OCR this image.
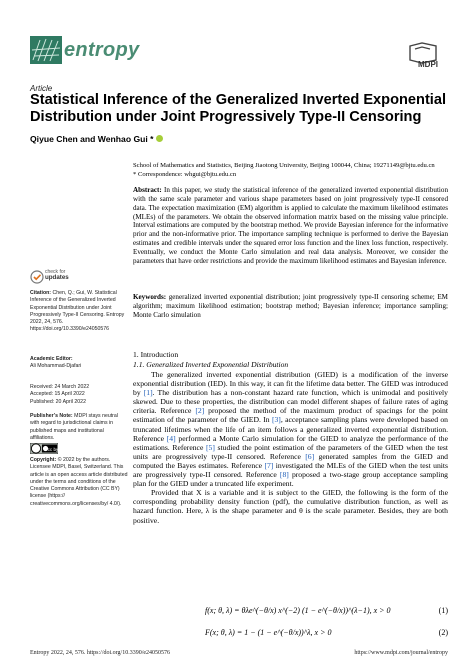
entropy
MDPI
Article
Statistical Inference of the Generalized Inverted Exponential Distribution under Joint Progressively Type-II Censoring
Qiyue Chen and Wenhao Gui *
School of Mathematics and Statistics, Beijing Jiaotong University, Beijing 100044, China; 19271149@bjtu.edu.cn
* Correspondence: whgui@bjtu.edu.cn
Abstract: In this paper, we study the statistical inference of the generalized inverted exponential distribution with the same scale parameter and various shape parameters based on joint progressively type-II censored data. The expectation maximization (EM) algorithm is applied to calculate the maximum likelihood estimates (MLEs) of the parameters. We obtain the observed information matrix based on the missing value principle. Interval estimations are computed by the bootstrap method. We provide Bayesian inference for the informative prior and the non-informative prior. The importance sampling technique is performed to derive the Bayesian estimates and credible intervals under the squared error loss function and the linex loss function, respectively. Eventually, we conduct the Monte Carlo simulation and real data analysis. Moreover, we consider the parameters that have order restrictions and provide the maximum likelihood estimates and Bayesian inference.
Keywords: generalized inverted exponential distribution; joint progressively type-II censoring scheme; EM algorithm; maximum likelihood estimation; bootstrap method; Bayesian inference; importance sampling; Monte Carlo simulation
check for
updates
Citation: Chen, Q.; Gui, W. Statistical Inference of the Generalized Inverted Exponential Distribution under Joint Progressively Type-II Censoring. Entropy 2022, 24, 576. https://doi.org/10.3390/e24050576
Academic Editor:
Ali Mohammad-Djafari
Received: 24 March 2022
Accepted: 15 April 2022
Published: 20 April 2022
Publisher’s Note: MDPI stays neutral with regard to jurisdictional claims in published maps and institutional affiliations.
cc by
Copyright: © 2022 by the authors. Licensee MDPI, Basel, Switzerland. This article is an open access article distributed under the terms and conditions of the Creative Commons Attribution (CC BY) license (https:// creativecommons.org/licenses/by/ 4.0/).
1. Introduction
1.1. Generalized Inverted Exponential Distribution

The generalized inverted exponential distribution (GIED) is a modification of the inverse exponential distribution (IED). In this way, it can fit the lifetime data better. The GIED was introduced by [1]. The distribution has a non-constant hazard rate function, which is unimodal and positively skewed. Due to these properties, the distribution can model different shapes of failure rates of aging criteria. Reference [2] proposed the method of the maximum product of spacings for the point estimation of the parameter of the GIED. In [3], acceptance sampling plans were developed based on truncated lifetimes when the life of an item follows a generalized inverted exponential distribution. Reference [4] performed a Monte Carlo simulation for the GIED to analyze the performance of the estimations. Reference [5] studied the point estimation of the parameters of the GIED when the test units are progressively type-II censored. Reference [6] generated samples from the GIED and computed the Bayes estimates. Reference [7] investigated the MLEs of the GIED when the test units are progressively type-II censored. Reference [8] proposed a two-stage group acceptance sampling plan for the GIED under a truncated life experiment.

Provided that X is a variable and it is subject to the GIED, the following is the form of the corresponding probability density function (pdf), the cumulative distribution function, as well as hazard function. Here, λ is the shape parameter and θ is the scale parameter. Besides, they are both positive.

f(x; θ, λ) = θλe^(−θ/x) x^(−2) (1 − e^(−θ/x))^(λ−1), x > 0	(1)
F(x; θ, λ) = 1 − (1 − e^(−θ/x))^λ, x > 0	(2)
Entropy 2022, 24, 576. https://doi.org/10.3390/e24050576	https://www.mdpi.com/journal/entropy
